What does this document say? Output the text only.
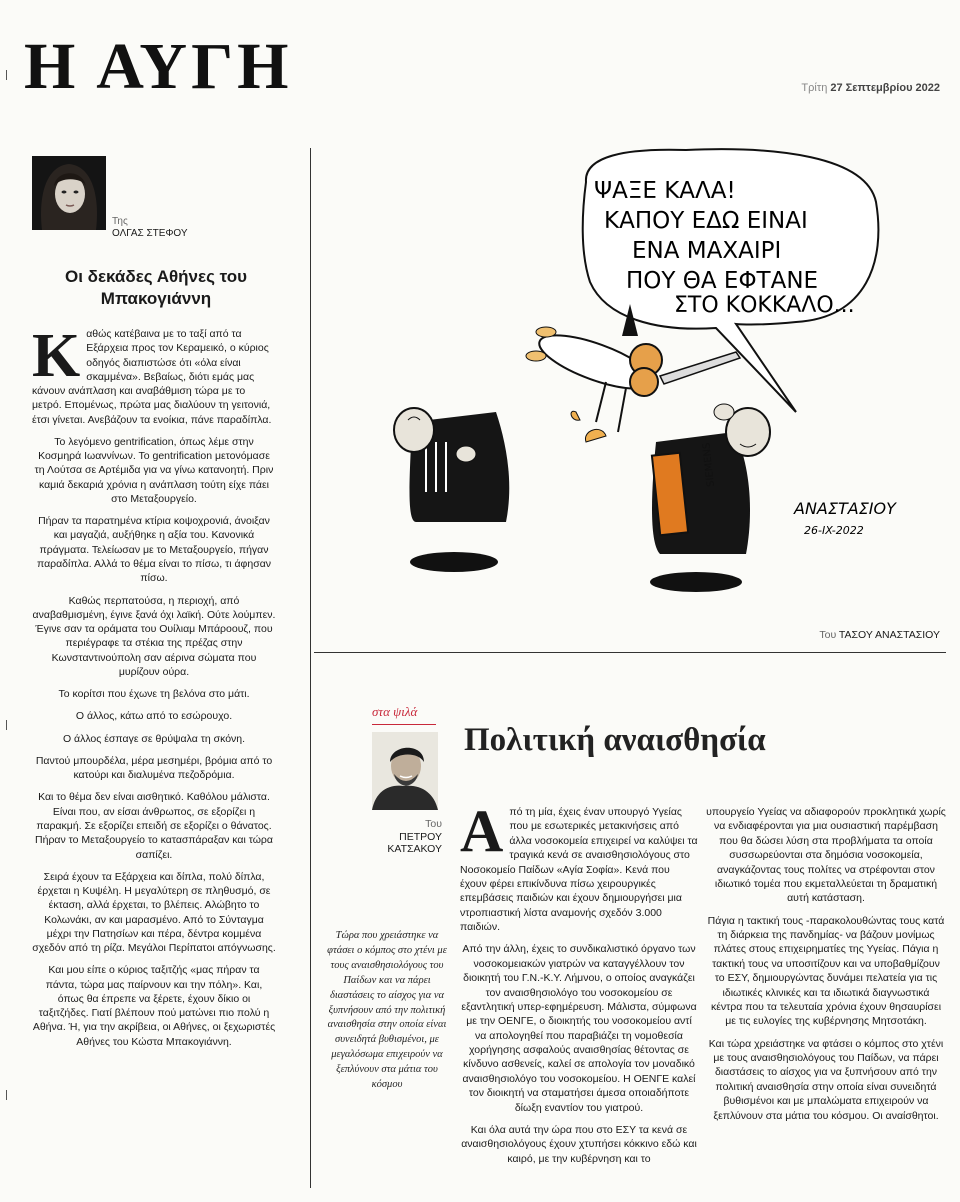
Η ΑΥΓΗ	Τρίτη 27 Σεπτεμβρίου 2022
Της
ΟΛΓΑΣ ΣΤΕΦΟΥ
Οι δεκάδες Αθήνες του Μπακογιάννη

Καθώς κατέβαινα με το ταξί από τα Εξάρχεια προς τον Κεραμεικό, ο κύριος οδηγός διαπιστώσε ότι «όλα είναι σκαμμένα». Βεβαίως, διότι εμάς μας κάνουν ανάπλαση και αναβάθμιση τώρα με το μετρό. Επομένως, πρώτα μας διαλύουν τη γειτονιά, έτσι γίνεται. Ανεβάζουν τα ενοίκια, πάνε παραδίπλα.

Το λεγόμενο gentrification, όπως λέμε στην Κοσμηρά Ιωαννίνων. Το gentrification μετονόμασε τη Λούτσα σε Αρτέμιδα για να γίνω κατανοητή. Πριν καμιά δεκαριά χρόνια η ανάπλαση τούτη είχε πάει στο Μεταξουργείο.

Πήραν τα παρατημένα κτίρια κοψοχρονιά, άνοιξαν και μαγαζιά, αυξήθηκε η αξία του. Κανονικά πράγματα. Τελείωσαν με το Μεταξουργείο, πήγαν παραδίπλα. Αλλά το θέμα είναι το πίσω, τι άφησαν πίσω.

Καθώς περπατούσα, η περιοχή, από αναβαθμισμένη, έγινε ξανά όχι λαϊκή. Ούτε λούμπεν. Έγινε σαν τα οράματα του Ουίλιαμ Μπάροουζ, που περιέγραφε τα στέκια της πρέζας στην Κωνσταντινούπολη σαν αέρινα σώματα που μυρίζουν ούρα.

Το κορίτσι που έχωνε τη βελόνα στο μάτι.

Ο άλλος, κάτω από το εσώρουχο.

Ο άλλος έσπαγε σε θρύψαλα τη σκόνη.

Παντού μπουρδέλα, μέρα μεσημέρι, βρόμια από το κατούρι και διαλυμένα πεζοδρόμια.

Και το θέμα δεν είναι αισθητικό. Καθόλου μάλιστα. Είναι που, αν είσαι άνθρωπος, σε εξορίζει η παρακμή. Σε εξορίζει επειδή σε εξορίζει ο θάνατος. Πήραν το Μεταξουργείο το κατασπάραξαν και τώρα σαπίζει.

Σειρά έχουν τα Εξάρχεια και δίπλα, πολύ δίπλα, έρχεται η Κυψέλη. Η μεγαλύτερη σε πληθυσμό, σε έκταση, αλλά έρχεται, το βλέπεις. Αλώβητο το Κολωνάκι, αν και μαρασμένο. Από το Σύνταγμα μέχρι την Πατησίων και πέρα, δέντρα κομμένα σχεδόν από τη ρίζα. Μεγάλοι Περίπατοι απόγνωσης.

Και μου είπε ο κύριος ταξιτζής «μας πήραν τα πάντα, τώρα μας παίρνουν και την πόλη». Και, όπως θα έπρεπε να ξέρετε, έχουν δίκιο οι ταξιτζήδες. Γιατί βλέπουν πού ματώνει πιο πολύ η Αθήνα. Ή, για την ακρίβεια, οι Αθήνες, οι ξεχωριστές Αθήνες του Κώστα Μπακογιάννη.

ΨΑΞΕ ΚΑΛΑ!
ΚΑΠΟΥ ΕΔΩ ΕΙΝΑΙ
ΕΝΑ ΜΑΧΑΙΡΙ
ΠΟΥ ΘΑ ΕΦΤΑΝΕ
ΣΤΟ ΚΟΚΚΑΛΟ...
SIEMENS
ΑΝΑΣΤΑΣΙΟΥ
26-IX-2022
Του ΤΑΣΟΥ ΑΝΑΣΤΑΣΙΟΥ
στα ψιλά
Του
ΠΕΤΡΟΥ
ΚΑΤΣΑΚΟΥ
Πολιτική αναισθησία
Τώρα που χρειάστηκε να φτάσει ο κόμπος στο χτένι με τους αναισθησιολόγους του Παίδων και να πάρει διαστάσεις το αίσχος για να ξυπνήσουν από την πολιτική αναισθησία στην οποία είναι συνειδητά βυθισμένοι, με μεγαλόσωμα επιχειρούν να ξεπλύνουν στα μάτια του κόσμου

Από τη μία, έχεις έναν υπουργό Υγείας που με εσωτερικές μετακινήσεις από άλλα νοσοκομεία επιχειρεί να καλύψει τα τραγικά κενά σε αναισθησιολόγους στο Νοσοκομείο Παίδων «Αγία Σοφία». Κενά που έχουν φέρει επικίνδυνα πίσω χειρουργικές επεμβάσεις παιδιών και έχουν δημιουργήσει μια ντροπιαστική λίστα αναμονής σχεδόν 3.000 παιδιών.

Από την άλλη, έχεις το συνδικαλιστικό όργανο των νοσοκομειακών γιατρών να καταγγέλλουν τον διοικητή του Γ.Ν.-Κ.Υ. Λήμνου, ο οποίος αναγκάζει τον αναισθησιολόγο του νοσοκομείου σε εξαντλητική υπερ-εφημέρευση. Μάλιστα, σύμφωνα με την ΟΕΝΓΕ, ο διοικητής του νοσοκομείου αντί να απολογηθεί που παραβιάζει τη νομοθεσία χορήγησης ασφαλούς αναισθησίας θέτοντας σε κίνδυνο ασθενείς, καλεί σε απολογία τον μοναδικό αναισθησιολόγο του νοσοκομείου. Η ΟΕΝΓΕ καλεί τον διοικητή να σταματήσει άμεσα οποιαδήποτε δίωξη εναντίον του γιατρού.

Και όλα αυτά την ώρα που στο ΕΣΥ τα κενά σε αναισθησιολόγους έχουν χτυπήσει κόκκινο εδώ και καιρό, με την κυβέρνηση και το

υπουργείο Υγείας να αδιαφορούν προκλητικά χωρίς να ενδιαφέρονται για μια ουσιαστική παρέμβαση που θα δώσει λύση στα προβλήματα τα οποία συσσωρεύονται στα δημόσια νοσοκομεία, αναγκάζοντας τους πολίτες να στρέφονται στον ιδιωτικό τομέα που εκμεταλλεύεται τη δραματική αυτή κατάσταση.

Πάγια η τακτική τους -παρακολουθώντας τους κατά τη διάρκεια της πανδημίας- να βάζουν μονίμως πλάτες στους επιχειρηματίες της Υγείας. Πάγια η τακτική τους να υποσιτίζουν και να υποβαθμίζουν το ΕΣΥ, δημιουργώντας δυνάμει πελατεία για τις ιδιωτικές κλινικές και τα ιδιωτικά διαγνωστικά κέντρα που τα τελευταία χρόνια έχουν θησαυρίσει με τις ευλογίες της κυβέρνησης Μητσοτάκη.

Και τώρα χρειάστηκε να φτάσει ο κόμπος στο χτένι με τους αναισθησιολόγους του Παίδων, να πάρει διαστάσεις το αίσχος για να ξυπνήσουν από την πολιτική αναισθησία στην οποία είναι συνειδητά βυθισμένοι και με μπαλώματα επιχειρούν να ξεπλύνουν στα μάτια του κόσμου. Οι αναίσθητοι.
